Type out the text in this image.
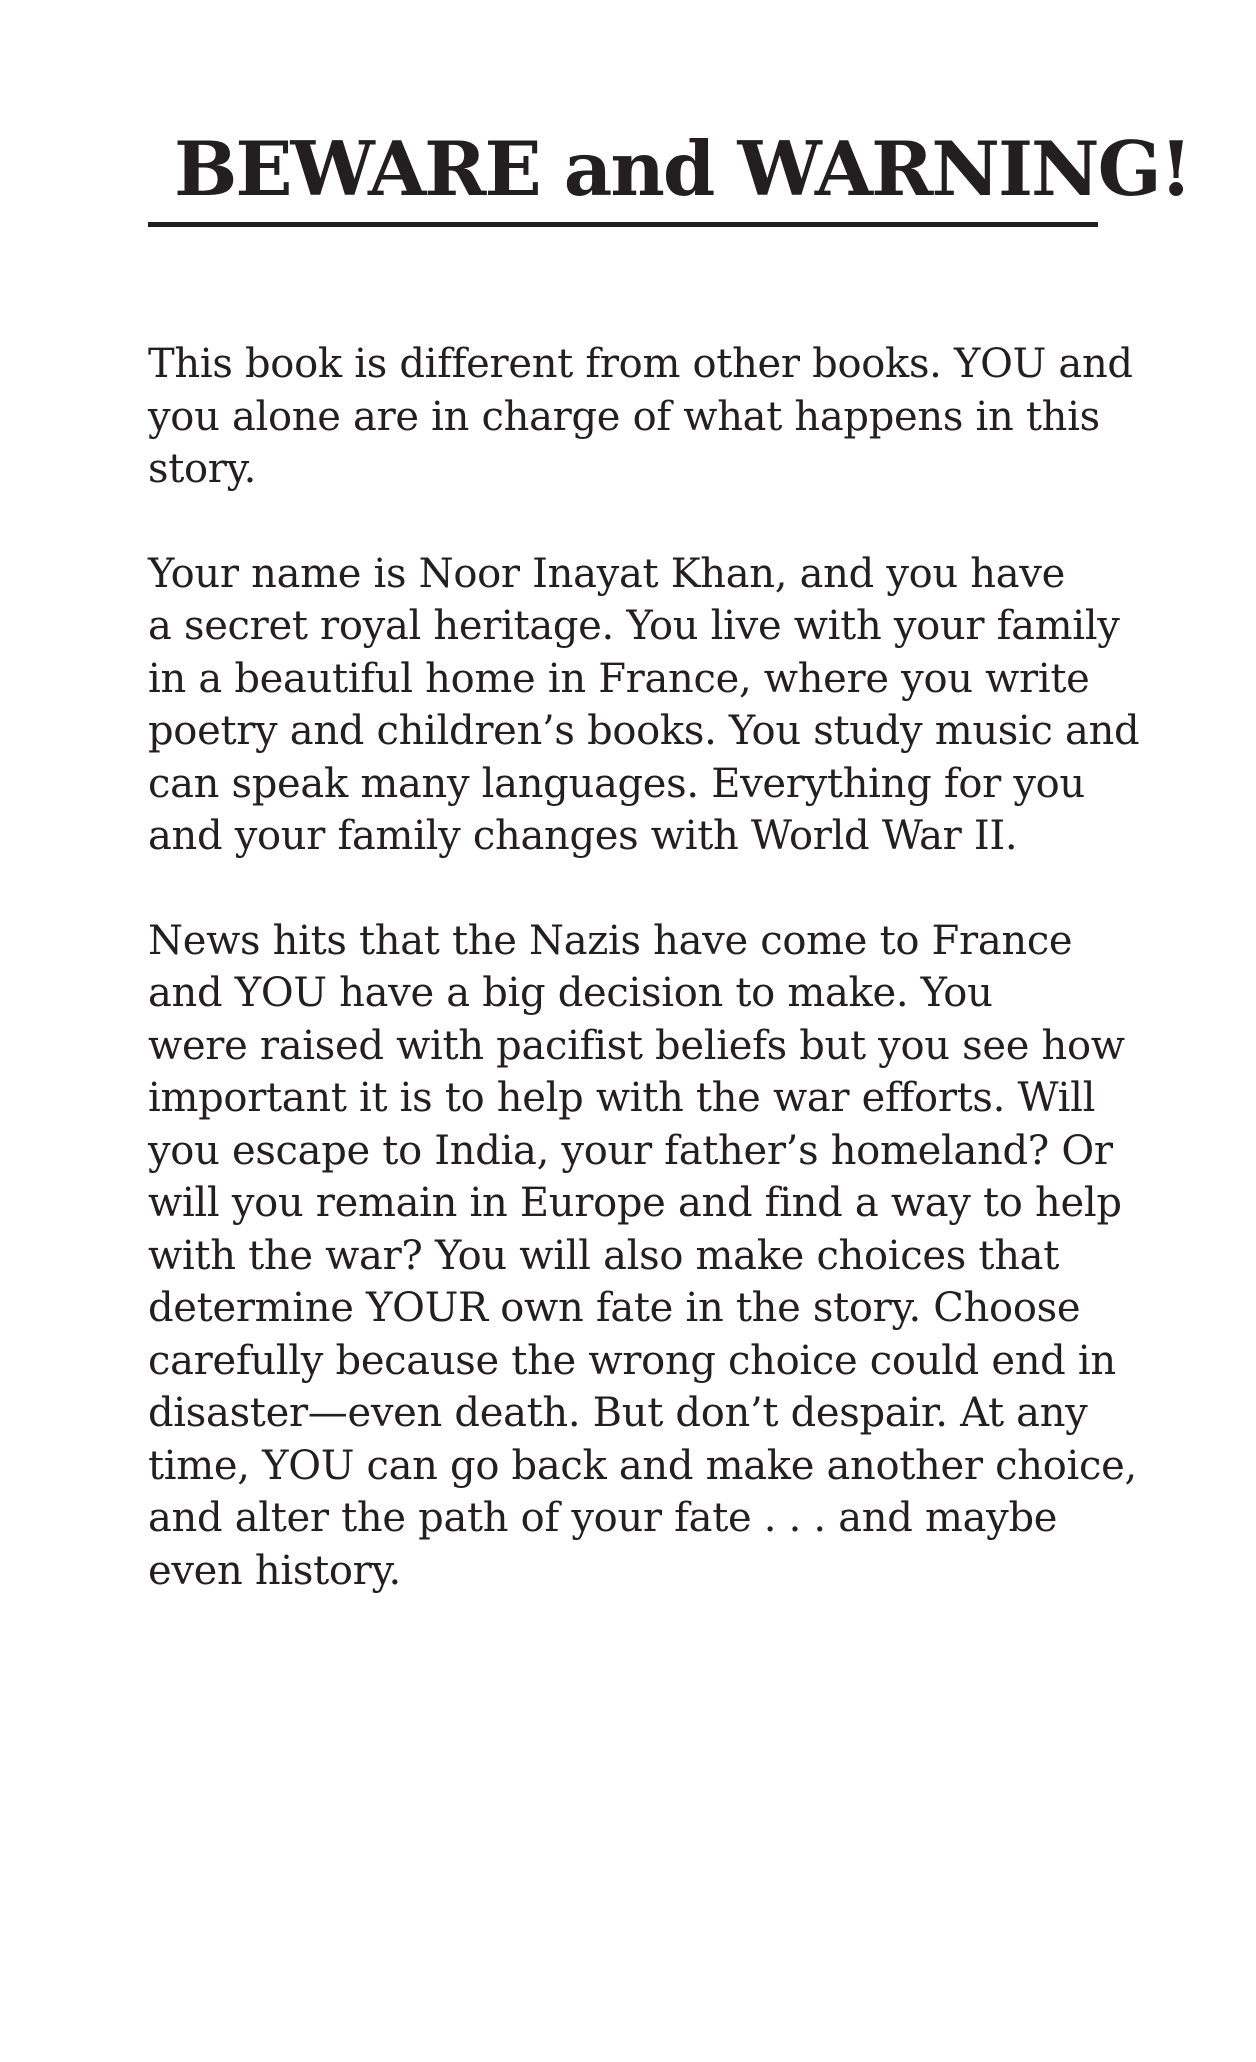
BEWARE and WARNING!

This book is different from other books. YOU and
you alone are in charge of what happens in this
story.

Your name is Noor Inayat Khan, and you have
a secret royal heritage. You live with your family
in a beautiful home in France, where you write
poetry and children’s books. You study music and
can speak many languages. Everything for you
and your family changes with World War II.

News hits that the Nazis have come to France
and YOU have a big decision to make. You
were raised with pacifist beliefs but you see how
important it is to help with the war efforts. Will
you escape to India, your father’s homeland? Or
will you remain in Europe and find a way to help
with the war? You will also make choices that
determine YOUR own fate in the story. Choose
carefully because the wrong choice could end in
disaster—even death. But don’t despair. At any
time, YOU can go back and make another choice,
and alter the path of your fate . . . and maybe
even history.
